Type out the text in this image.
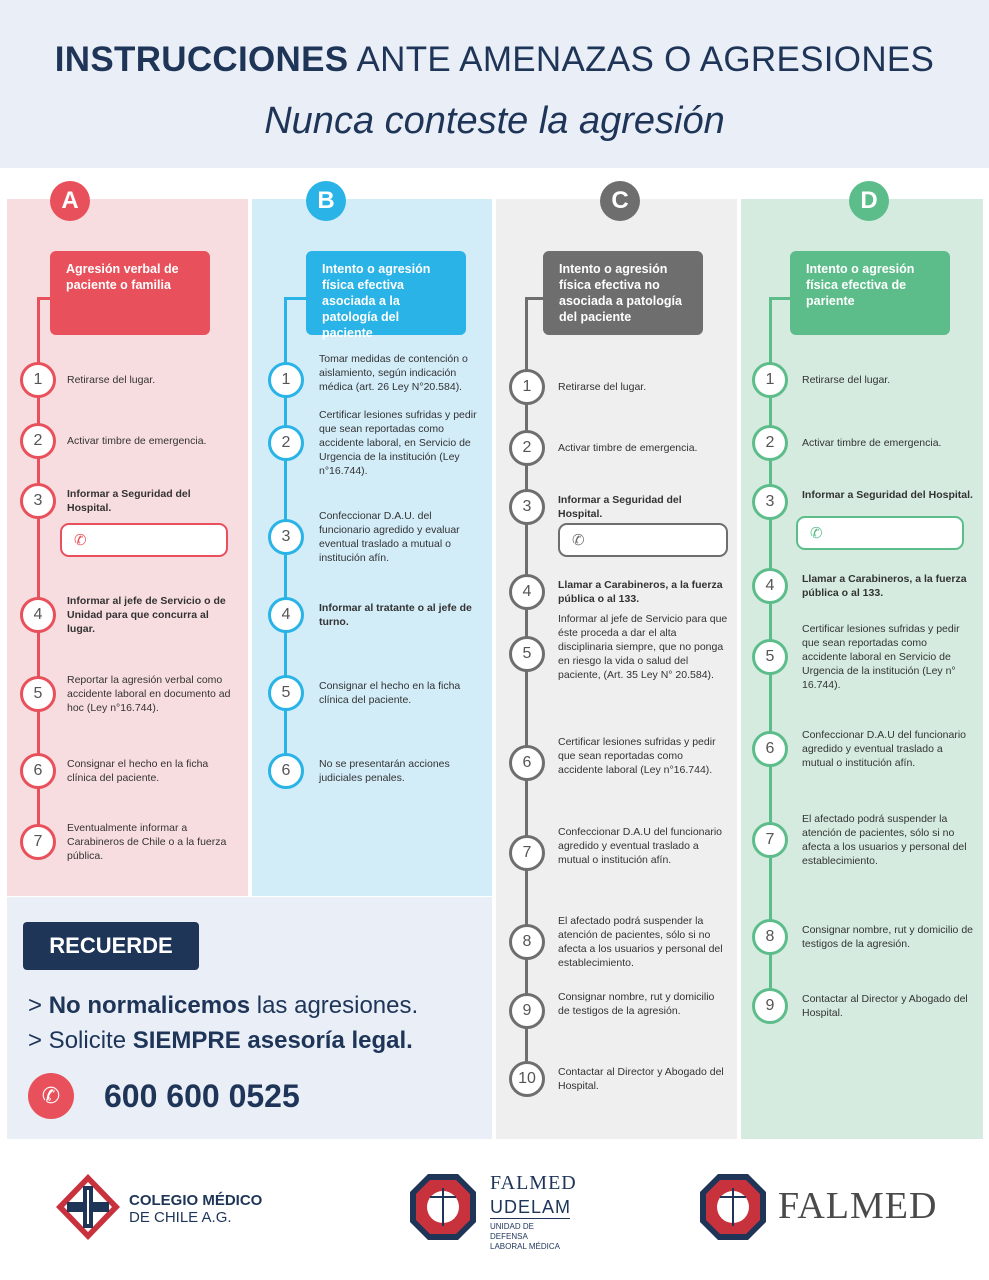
INSTRUCCIONES ANTE AMENAZAS O AGRESIONES
Nunca conteste la agresión
A
Agresión verbal de paciente o familia
1	Retirarse del lugar.
2	Activar timbre de emergencia.
3	Informar a Seguridad del Hospital.
✆
4
Informar al jefe de Servicio o de Unidad para que concurra al lugar.
5
Reportar la agresión verbal como accidente laboral en documento ad hoc (Ley n°16.744).
6	Consignar el hecho en la ficha clínica del paciente.
7
Eventualmente informar a Carabineros de Chile o a la fuerza pública.
B
Intento o agresión física efectiva asociada a la patología del paciente
1
Tomar medidas de contención o aislamiento, según indicación médica (art. 26 Ley N°20.584).
2
Certificar lesiones sufridas y pedir que sean reportadas como accidente laboral, en Servicio de Urgencia de la institución (Ley n°16.744).
3
Confeccionar D.A.U. del funcionario agredido y evaluar eventual traslado a mutual o institución afín.
4	Informar al tratante o al jefe de turno.
5	Consignar el hecho en la ficha clínica del paciente.
6	No se presentarán acciones judiciales penales.
C
Intento o agresión física efectiva no asociada a patología del paciente
1	Retirarse del lugar.
2	Activar timbre de emergencia.
3	Informar a Seguridad del Hospital.
✆
4	Llamar a Carabineros, a la fuerza pública o al 133.
5
Informar al jefe de Servicio para que éste proceda a dar el alta disciplinaria siempre, que no ponga en riesgo la vida o salud del paciente, (Art. 35 Ley N° 20.584).
6
Certificar lesiones sufridas y pedir que sean reportadas como accidente laboral (Ley n°16.744).
7
Confeccionar D.A.U del funcionario agredido y eventual traslado a mutual o institución afín.
8
El afectado podrá suspender la atención de pacientes, sólo si no afecta a los usuarios y personal del establecimiento.
9
Consignar nombre, rut y domicilio de testigos de la agresión.
10	Contactar al Director y Abogado del Hospital.
D
Intento o agresión física efectiva de pariente
1	Retirarse del lugar.
2	Activar timbre de emergencia.
3	Informar a Seguridad del Hospital.
✆
4	Llamar a Carabineros, a la fuerza pública o al 133.
5
Certificar lesiones sufridas y pedir que sean reportadas como accidente laboral en Servicio de Urgencia de la institución (Ley n° 16.744).
6
Confeccionar D.A.U del funcionario agredido y eventual traslado a mutual o institución afín.
7
El afectado podrá suspender la atención de pacientes, sólo si no afecta a los usuarios y personal del establecimiento.
8	Consignar nombre, rut y domicilio de testigos de la agresión.
9	Contactar al Director y Abogado del Hospital.
RECUERDE
> No normalicemos las agresiones.
> Solicite SIEMPRE asesoría legal.
✆	600 600 0525
COLEGIO MÉDICO
DE CHILE A.G.
FALMED
UDELAM
UNIDAD DE
DEFENSA
LABORAL MÉDICA
FALMED
